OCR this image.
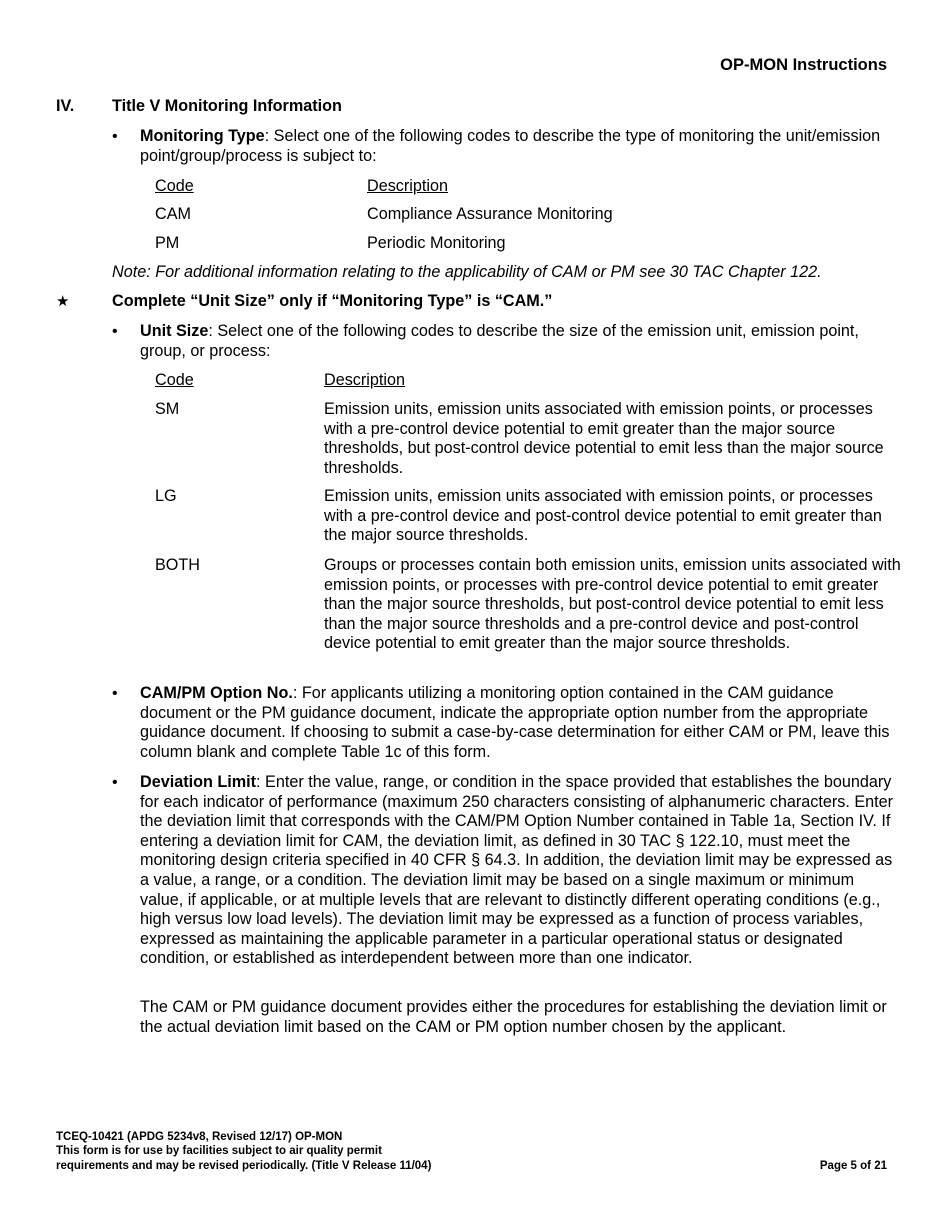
OP-MON Instructions
IV. Title V Monitoring Information
• Monitoring Type: Select one of the following codes to describe the type of monitoring the unit/emission point/group/process is subject to:
Code	Description
CAM	Compliance Assurance Monitoring
PM	Periodic Monitoring
Note: For additional information relating to the applicability of CAM or PM see 30 TAC Chapter 122.
★	Complete “Unit Size” only if “Monitoring Type” is “CAM.”
• Unit Size: Select one of the following codes to describe the size of the emission unit, emission point, group, or process:
Code	Description
SM	Emission units, emission units associated with emission points, or processes with a pre-control device potential to emit greater than the major source thresholds, but post-control device potential to emit less than the major source thresholds.
LG	Emission units, emission units associated with emission points, or processes with a pre-control device and post-control device potential to emit greater than the major source thresholds.
BOTH	Groups or processes contain both emission units, emission units associated with emission points, or processes with pre-control device potential to emit greater than the major source thresholds, but post-control device potential to emit less than the major source thresholds and a pre-control device and post-control device potential to emit greater than the major source thresholds.
• CAM/PM Option No.: For applicants utilizing a monitoring option contained in the CAM guidance document or the PM guidance document, indicate the appropriate option number from the appropriate guidance document. If choosing to submit a case-by-case determination for either CAM or PM, leave this column blank and complete Table 1c of this form.
• Deviation Limit: Enter the value, range, or condition in the space provided that establishes the boundary for each indicator of performance (maximum 250 characters consisting of alphanumeric characters. Enter the deviation limit that corresponds with the CAM/PM Option Number contained in Table 1a, Section IV. If entering a deviation limit for CAM, the deviation limit, as defined in 30 TAC § 122.10, must meet the monitoring design criteria specified in 40 CFR § 64.3. In addition, the deviation limit may be expressed as a value, a range, or a condition. The deviation limit may be based on a single maximum or minimum value, if applicable, or at multiple levels that are relevant to distinctly different operating conditions (e.g., high versus low load levels). The deviation limit may be expressed as a function of process variables, expressed as maintaining the applicable parameter in a particular operational status or designated condition, or established as interdependent between more than one indicator.
The CAM or PM guidance document provides either the procedures for establishing the deviation limit or the actual deviation limit based on the CAM or PM option number chosen by the applicant.
TCEQ-10421 (APDG 5234v8, Revised 12/17) OP-MON
This form is for use by facilities subject to air quality permit
requirements and may be revised periodically. (Title V Release 11/04)	Page 5 of 21
